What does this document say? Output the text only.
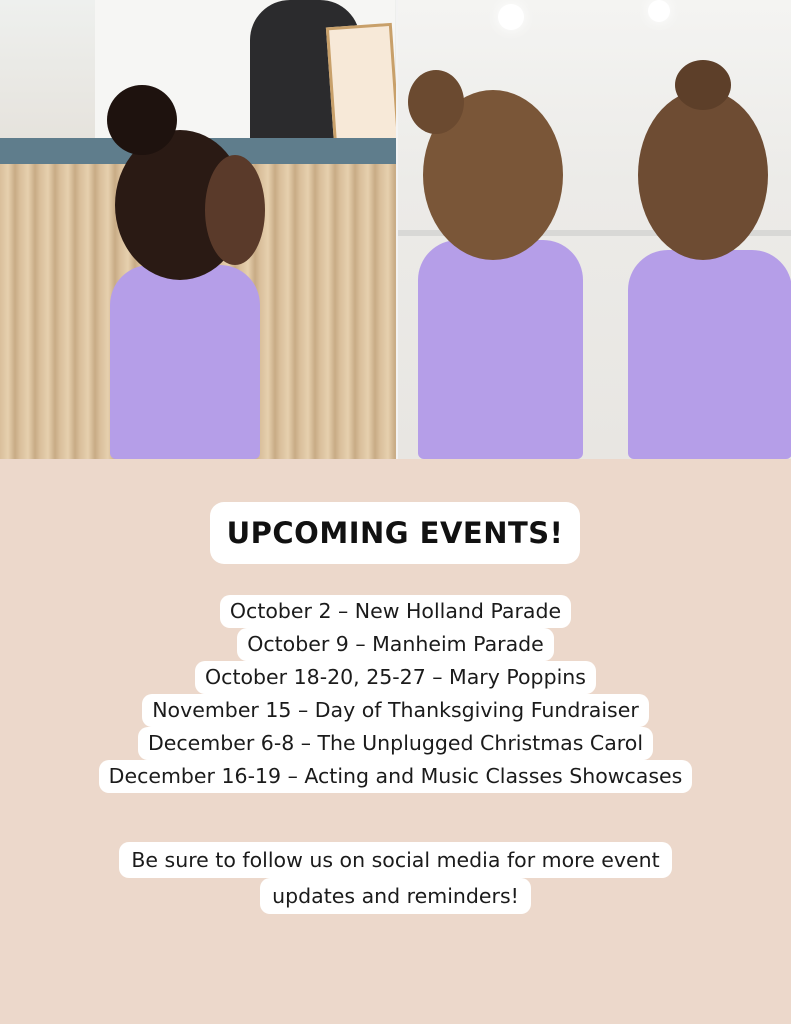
UPCOMING EVENTS!
October 2 – New Holland Parade
October 9 – Manheim Parade
October 18-20, 25-27 – Mary Poppins
November 15 – Day of Thanksgiving Fundraiser
December 6-8 – The Unplugged Christmas Carol
December 16-19 – Acting and Music Classes Showcases
Be sure to follow us on social media for more event
updates and reminders!
